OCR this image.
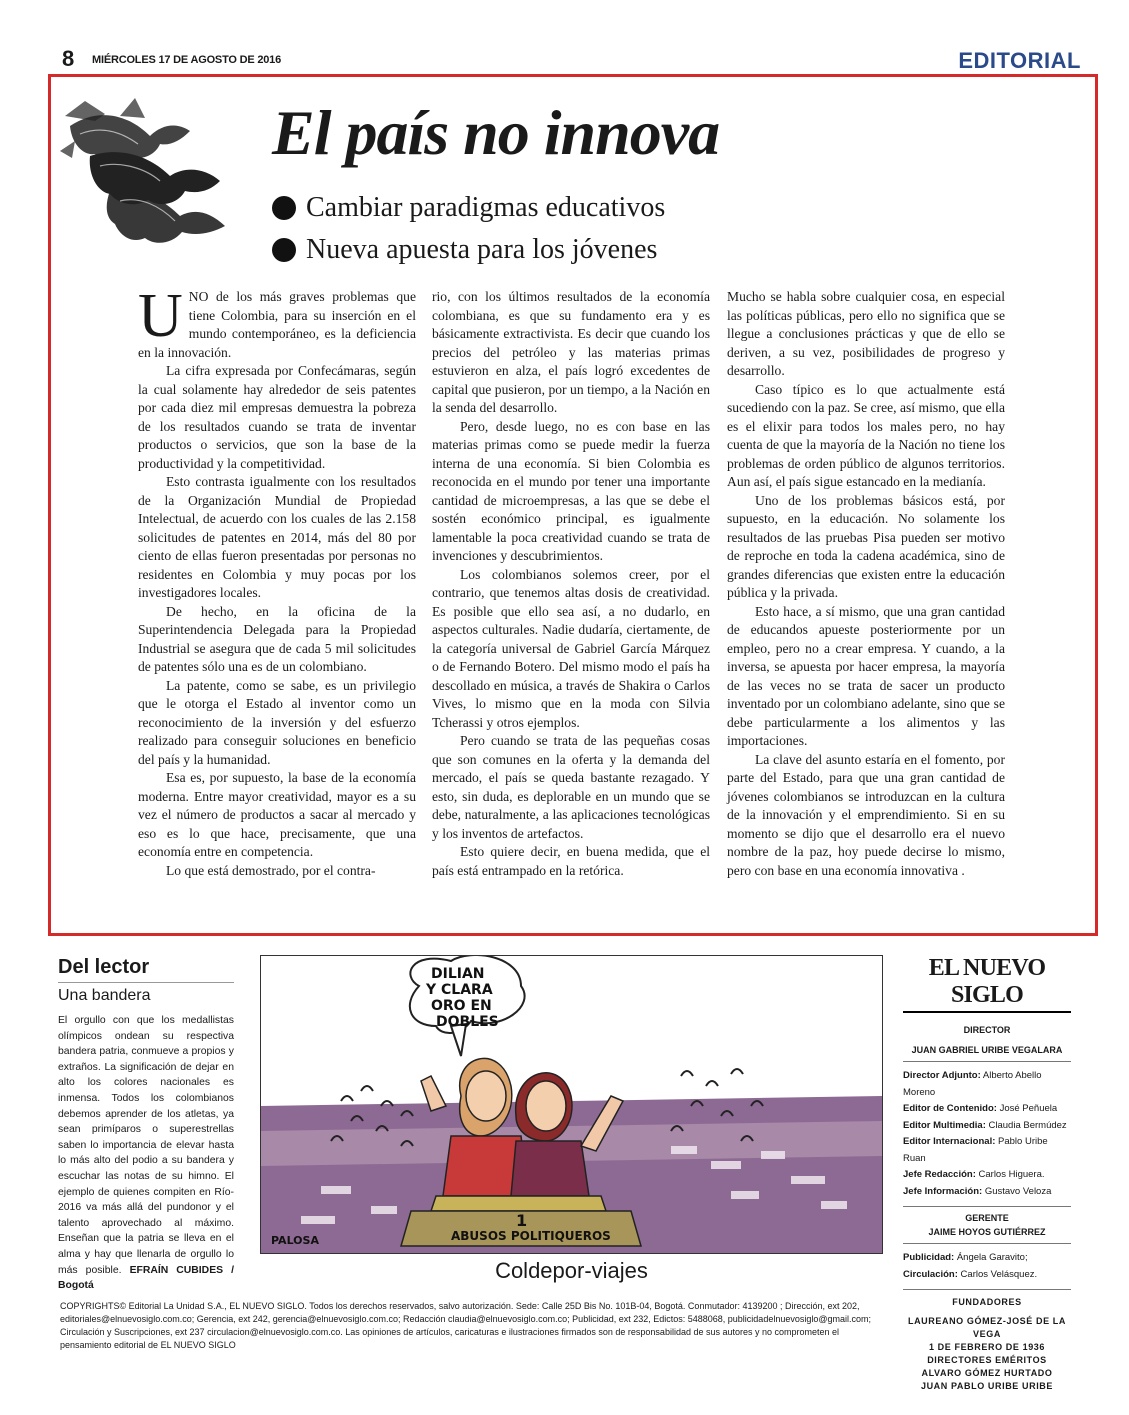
8 MIÉRCOLES 17 DE AGOSTO DE 2016	EDITORIAL
El país no innova
Cambiar paradigmas educativos
Nueva apuesta para los jóvenes

UNO de los más graves problemas que tiene Colombia, para su inserción en el mundo contemporáneo, es la deficiencia en la innovación.

La cifra expresada por Confecámaras, según la cual solamente hay alrededor de seis patentes por cada diez mil empresas demuestra la pobreza de los resultados cuando se trata de inventar productos o servicios, que son la base de la productividad y la competitividad.

Esto contrasta igualmente con los resultados de la Organización Mundial de Propiedad Intelectual, de acuerdo con los cuales de las 2.158 solicitudes de patentes en 2014, más del 80 por ciento de ellas fueron presentadas por personas no residentes en Colombia y muy pocas por los investigadores locales.

De hecho, en la oficina de la Superintendencia Delegada para la Propiedad Industrial se asegura que de cada 5 mil solicitudes de patentes sólo una es de un colombiano.

La patente, como se sabe, es un privilegio que le otorga el Estado al inventor como un reconocimiento de la inversión y del esfuerzo realizado para conseguir soluciones en beneficio del país y la humanidad.

Esa es, por supuesto, la base de la economía moderna. Entre mayor creatividad, mayor es a su vez el número de productos a sacar al mercado y eso es lo que hace, precisamente, que una economía entre en competencia.

Lo que está demostrado, por el contra-

rio, con los últimos resultados de la economía colombiana, es que su fundamento era y es básicamente extractivista. Es decir que cuando los precios del petróleo y las materias primas estuvieron en alza, el país logró excedentes de capital que pusieron, por un tiempo, a la Nación en la senda del desarrollo.

Pero, desde luego, no es con base en las materias primas como se puede medir la fuerza interna de una economía. Si bien Colombia es reconocida en el mundo por tener una importante cantidad de microempresas, a las que se debe el sostén económico principal, es igualmente lamentable la poca creatividad cuando se trata de invenciones y descubrimientos.

Los colombianos solemos creer, por el contrario, que tenemos altas dosis de creatividad. Es posible que ello sea así, a no dudarlo, en aspectos culturales. Nadie dudaría, ciertamente, de la categoría universal de Gabriel García Márquez o de Fernando Botero. Del mismo modo el país ha descollado en música, a través de Shakira o Carlos Vives, lo mismo que en la moda con Silvia Tcherassi y otros ejemplos.

Pero cuando se trata de las pequeñas cosas que son comunes en la oferta y la demanda del mercado, el país se queda bastante rezagado. Y esto, sin duda, es deplorable en un mundo que se debe, naturalmente, a las aplicaciones tecnológicas y los inventos de artefactos.

Esto quiere decir, en buena medida, que el país está entrampado en la retórica.

Mucho se habla sobre cualquier cosa, en especial las políticas públicas, pero ello no significa que se llegue a conclusiones prácticas y que de ello se deriven, a su vez, posibilidades de progreso y desarrollo.

Caso típico es lo que actualmente está sucediendo con la paz. Se cree, así mismo, que ella es el elixir para todos los males pero, no hay cuenta de que la mayoría de la Nación no tiene los problemas de orden público de algunos territorios. Aun así, el país sigue estancado en la medianía.

Uno de los problemas básicos está, por supuesto, en la educación. No solamente los resultados de las pruebas Pisa pueden ser motivo de reproche en toda la cadena académica, sino de grandes diferencias que existen entre la educación pública y la privada.

Esto hace, a sí mismo, que una gran cantidad de educandos apueste posteriormente por un empleo, pero no a crear empresa. Y cuando, a la inversa, se apuesta por hacer empresa, la mayoría de las veces no se trata de sacer un producto inventado por un colombiano adelante, sino que se debe particularmente a los alimentos y las importaciones.

La clave del asunto estaría en el fomento, por parte del Estado, para que una gran cantidad de jóvenes colombianos se introduzcan en la cultura de la innovación y el emprendimiento. Si en su momento se dijo que el desarrollo era el nuevo nombre de la paz, hoy puede decirse lo mismo, pero con base en una economía innovativa .

Del lector
Una bandera
El orgullo con que los medallistas olímpicos ondean su respectiva bandera patria, conmueve a propios y extraños. La significación de dejar en alto los colores nacionales es inmensa. Todos los colombianos debemos aprender de los atletas, ya sean primíparos o superestrellas saben lo importancia de elevar hasta lo más alto del podio a su bandera y escuchar las notas de su himno. El ejemplo de quienes compiten en Río-2016 va más allá del pundonor y el talento aprovechado al máximo. Enseñan que la patria se lleva en el alma y hay que llenarla de orgullo lo más posible. EFRAÍN CUBIDES / Bogotá
DILIAN
Y CLARA
ORO EN
DOBLES
1
ABUSOS POLITIQUEROS
PALOSA
Coldepor-viajes
EL NUEVO SIGLO
DIRECTOR
JUAN GABRIEL URIBE VEGALARA
Director Adjunto: Alberto Abello Moreno
Editor de Contenido: José Peñuela
Editor Multimedia: Claudia Bermúdez
Editor Internacional: Pablo Uribe Ruan
Jefe Redacción: Carlos Higuera.
Jefe Información: Gustavo Veloza
GERENTE
JAIME HOYOS GUTIÉRREZ
Publicidad: Ángela Garavito;
Circulación: Carlos Velásquez.
FUNDADORES
LAUREANO GÓMEZ-JOSÉ DE LA VEGA
1 DE FEBRERO DE 1936
DIRECTORES EMÉRITOS
ALVARO GÓMEZ HURTADO
JUAN PABLO URIBE URIBE
COPYRIGHTS© Editorial La Unidad S.A., EL NUEVO SIGLO. Todos los derechos reservados, salvo autorización. Sede: Calle 25D Bis No. 101B-04, Bogotá. Conmutador: 4139200 ; Dirección, ext 202, editoriales@elnuevosiglo.com.co; Gerencia, ext 242, gerencia@elnuevosiglo.com.co; Redacción claudia@elnuevosiglo.com.co; Publicidad, ext 232, Edictos: 5488068, publicidadelnuevosiglo@gmail.com; Circulación y Suscripciones, ext 237 circulacion@elnuevosiglo.com.co. Las opiniones de artículos, caricaturas e ilustraciones firmados son de responsabilidad de sus autores y no comprometen el pensamiento editorial de EL NUEVO SIGLO
